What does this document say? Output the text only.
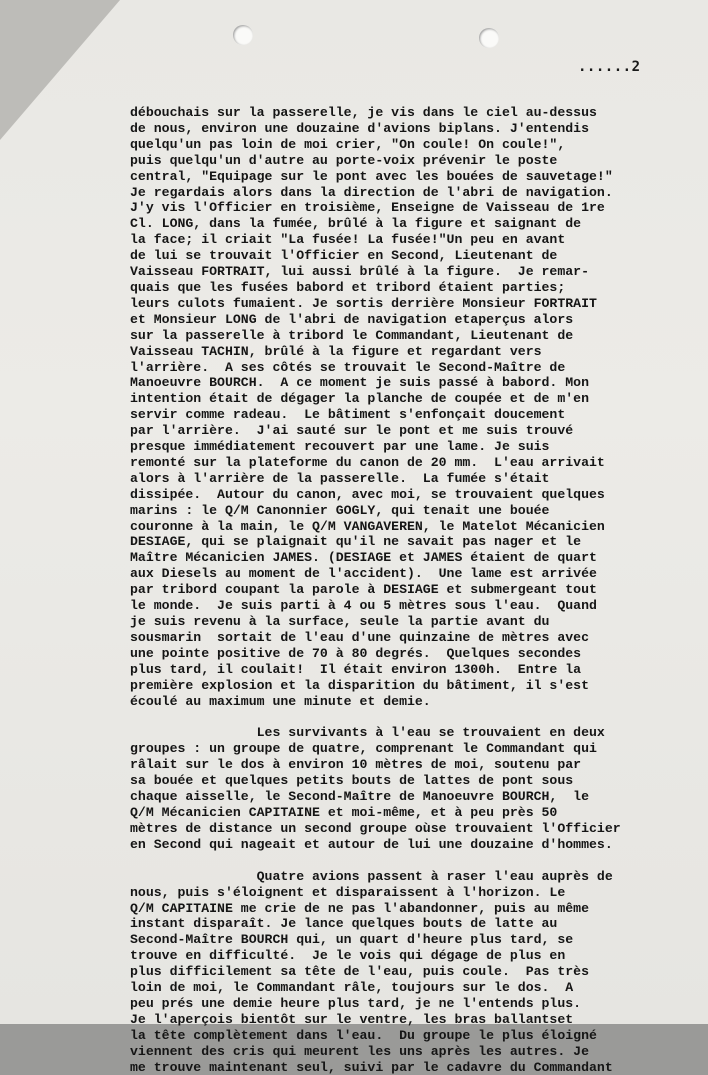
......2
débouchais sur la passerelle, je vis dans le ciel au-dessus
de nous, environ une douzaine d'avions biplans. J'entendis
quelqu'un pas loin de moi crier, "On coule! On coule!",
puis quelqu'un d'autre au porte-voix prévenir le poste
central, "Equipage sur le pont avec les bouées de sauvetage!"
Je regardais alors dans la direction de l'abri de navigation.
J'y vis l'Officier en troisième, Enseigne de Vaisseau de 1re
Cl. LONG, dans la fumée, brûlé à la figure et saignant de
la face; il criait "La fusée! La fusée!"Un peu en avant
de lui se trouvait l'Officier en Second, Lieutenant de
Vaisseau FORTRAIT, lui aussi brûlé à la figure.  Je remar-
quais que les fusées babord et tribord étaient parties;
leurs culots fumaient. Je sortis derrière Monsieur FORTRAIT
et Monsieur LONG de l'abri de navigation etaperçus alors
sur la passerelle à tribord le Commandant, Lieutenant de
Vaisseau TACHIN, brûlé à la figure et regardant vers
l'arrière.  A ses côtés se trouvait le Second-Maître de
Manoeuvre BOURCH.  A ce moment je suis passé à babord. Mon
intention était de dégager la planche de coupée et de m'en
servir comme radeau.  Le bâtiment s'enfonçait doucement
par l'arrière.  J'ai sauté sur le pont et me suis trouvé
presque immédiatement recouvert par une lame. Je suis
remonté sur la plateforme du canon de 20 mm.  L'eau arrivait
alors à l'arrière de la passerelle.  La fumée s'était
dissipée.  Autour du canon, avec moi, se trouvaient quelques
marins : le Q/M Canonnier GOGLY, qui tenait une bouée
couronne à la main, le Q/M VANGAVEREN, le Matelot Mécanicien
DESIAGE, qui se plaignait qu'il ne savait pas nager et le
Maître Mécanicien JAMES. (DESIAGE et JAMES étaient de quart
aux Diesels au moment de l'accident).  Une lame est arrivée
par tribord coupant la parole à DESIAGE et submergeant tout
le monde.  Je suis parti à 4 ou 5 mètres sous l'eau.  Quand
je suis revenu à la surface, seule la partie avant du
sousmarin  sortait de l'eau d'une quinzaine de mètres avec
une pointe positive de 70 à 80 degrés.  Quelques secondes
plus tard, il coulait!  Il était environ 1300h.  Entre la
première explosion et la disparition du bâtiment, il s'est
écoulé au maximum une minute et demie.
Les survivants à l'eau se trouvaient en deux
groupes : un groupe de quatre, comprenant le Commandant qui
râlait sur le dos à environ 10 mètres de moi, soutenu par
sa bouée et quelques petits bouts de lattes de pont sous
chaque aisselle, le Second-Maître de Manoeuvre BOURCH,  le
Q/M Mécanicien CAPITAINE et moi-même, et à peu près 50
mètres de distance un second groupe oùse trouvaient l'Officier
en Second qui nageait et autour de lui une douzaine d'hommes.
Quatre avions passent à raser l'eau auprès de
nous, puis s'éloignent et disparaissent à l'horizon. Le
Q/M CAPITAINE me crie de ne pas l'abandonner, puis au même
instant disparaît. Je lance quelques bouts de latte au
Second-Maître BOURCH qui, un quart d'heure plus tard, se
trouve en difficulté.  Je le vois qui dégage de plus en
plus difficilement sa tête de l'eau, puis coule.  Pas très
loin de moi, le Commandant râle, toujours sur le dos.  A
peu prés une demie heure plus tard, je ne l'entends plus.
Je l'aperçois bientôt sur le ventre, les bras ballantset
la tête complètement dans l'eau.  Du groupe le plus éloigné
viennent des cris qui meurent les uns après les autres. Je
me trouve maintenant seul, suivi par le cadavre du Commandant
